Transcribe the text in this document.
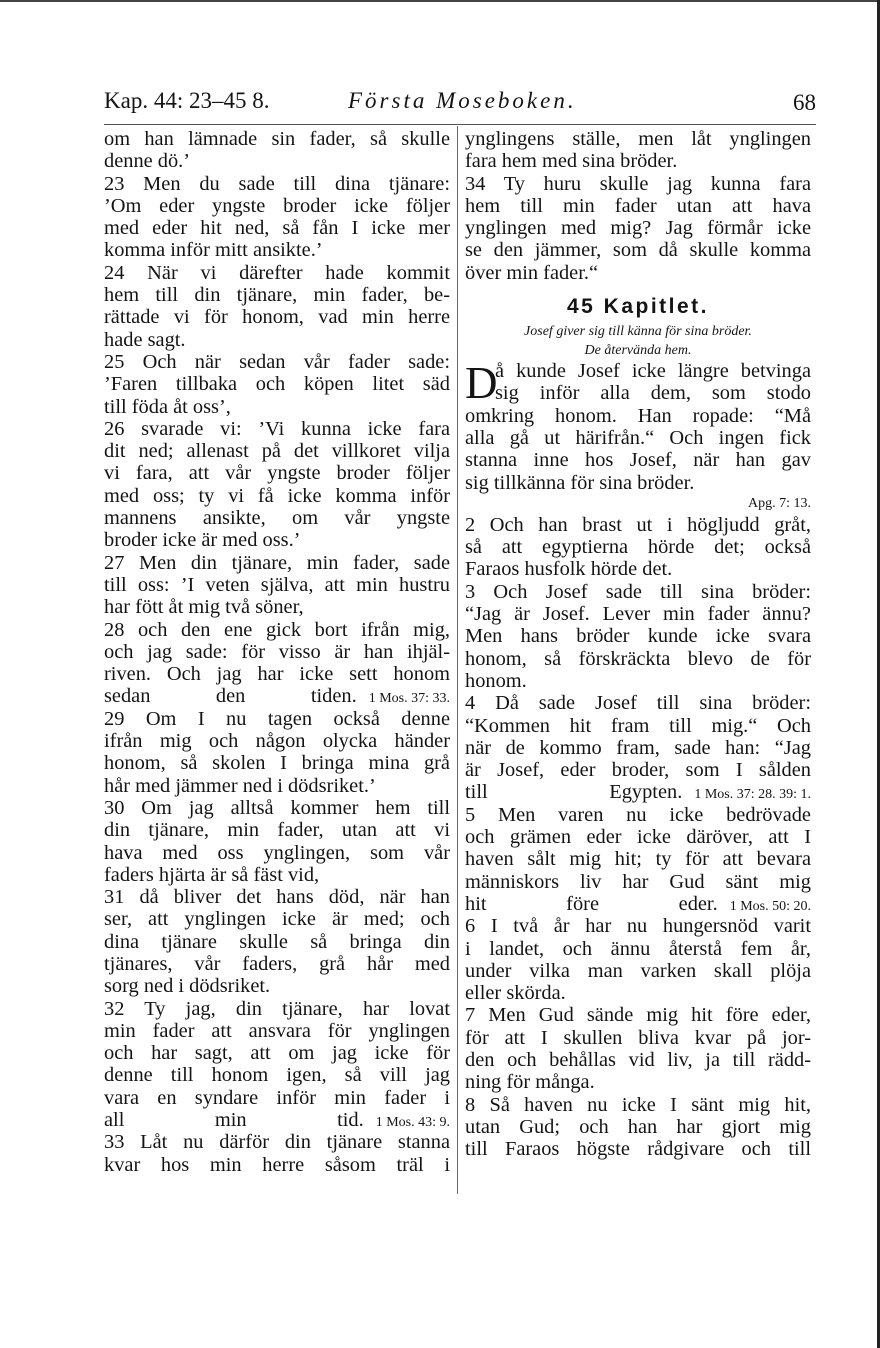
Kap. 44: 23–45 8.	Första Moseboken.	68
om han lämnade sin fader, så skulle
denne dö.’
23 Men du sade till dina tjänare:
’Om eder yngste broder icke följer
med eder hit ned, så fån I icke mer
komma inför mitt ansikte.’
24 När vi därefter hade kommit
hem till din tjänare, min fader, be-
rättade vi för honom, vad min herre
hade sagt.
25 Och när sedan vår fader sade:
’Faren tillbaka och köpen litet säd
till föda åt oss’,
26 svarade vi: ’Vi kunna icke fara
dit ned; allenast på det villkoret vilja
vi fara, att vår yngste broder följer
med oss; ty vi få icke komma inför
mannens ansikte, om vår yngste
broder icke är med oss.’
27 Men din tjänare, min fader, sade
till oss: ’I veten själva, att min hustru
har fött åt mig två söner,
28 och den ene gick bort ifrån mig,
och jag sade: för visso är han ihjäl-
riven. Och jag har icke sett honom
sedan den tiden. 1 Mos. 37: 33.
29 Om I nu tagen också denne
ifrån mig och någon olycka händer
honom, så skolen I bringa mina grå
hår med jämmer ned i dödsriket.’
30 Om jag alltså kommer hem till
din tjänare, min fader, utan att vi
hava med oss ynglingen, som vår
faders hjärta är så fäst vid,
31 då bliver det hans död, när han
ser, att ynglingen icke är med; och
dina tjänare skulle så bringa din
tjänares, vår faders, grå hår med
sorg ned i dödsriket.
32 Ty jag, din tjänare, har lovat
min fader att ansvara för ynglingen
och har sagt, att om jag icke för
denne till honom igen, så vill jag
vara en syndare inför min fader i
all min tid. 1 Mos. 43: 9.
33 Låt nu därför din tjänare stanna
kvar hos min herre såsom träl i
ynglingens ställe, men låt ynglingen
fara hem med sina bröder.
34 Ty huru skulle jag kunna fara
hem till min fader utan att hava
ynglingen med mig? Jag förmår icke
se den jämmer, som då skulle komma
över min fader.“
45 Kapitlet.
Josef giver sig till känna för sina bröder.
De återvända hem.
D
å kunde Josef icke längre betvinga
sig inför alla dem, som stodo
omkring honom. Han ropade: “Må
alla gå ut härifrån.“ Och ingen fick
stanna inne hos Josef, när han gav
sig tillkänna för sina bröder.
Apg. 7: 13.
2 Och han brast ut i högljudd gråt,
så att egyptierna hörde det; också
Faraos husfolk hörde det.
3 Och Josef sade till sina bröder:
“Jag är Josef. Lever min fader ännu?
Men hans bröder kunde icke svara
honom, så förskräckta blevo de för
honom.
4 Då sade Josef till sina bröder:
“Kommen hit fram till mig.“ Och
när de kommo fram, sade han: “Jag
är Josef, eder broder, som I sålden
till Egypten. 1 Mos. 37: 28. 39: 1.
5 Men varen nu icke bedrövade
och grämen eder icke däröver, att I
haven sålt mig hit; ty för att bevara
människors liv har Gud sänt mig
hit före eder. 1 Mos. 50: 20.
6 I två år har nu hungersnöd varit
i landet, och ännu återstå fem år,
under vilka man varken skall plöja
eller skörda.
7 Men Gud sände mig hit före eder,
för att I skullen bliva kvar på jor-
den och behållas vid liv, ja till rädd-
ning för många.
8 Så haven nu icke I sänt mig hit,
utan Gud; och han har gjort mig
till Faraos högste rådgivare och till
